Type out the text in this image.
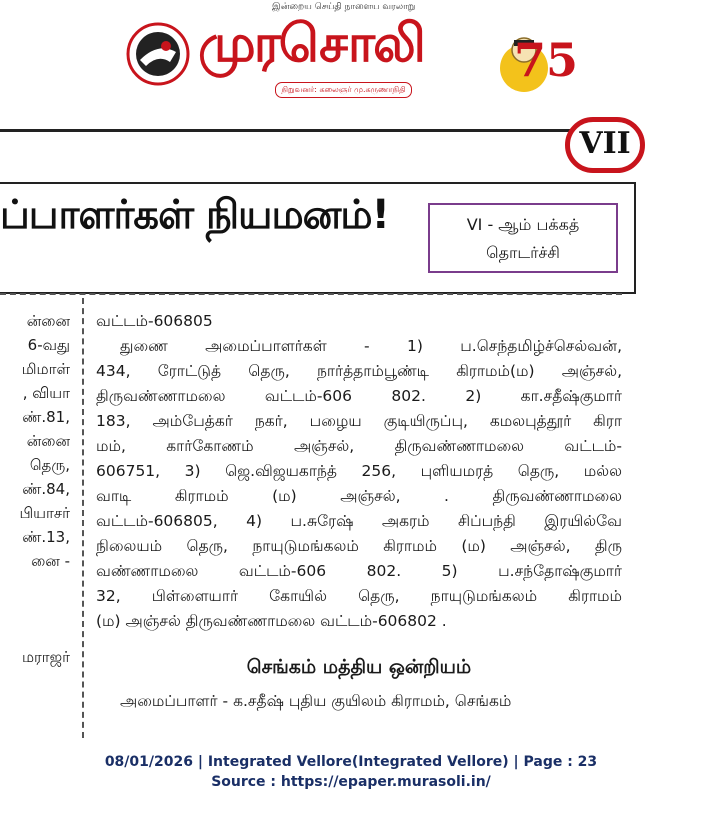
இன்றைய செய்தி நாளைய வரலாறு
முரசொலி
நிறுவனர்: கலைஞர் மு.கருணாநிதி
75
VII
ப்பாளர்கள் நியமனம்!	VI - ஆம் பக்கத்
தொடர்ச்சி
ன்னை
6-வது
மிமாள்
, வியா
ண்.81,
ன்னை
தெரு,
ண்.84,
பியாசர்
ண்.13,
னை -
மராஜர்
வட்டம்-606805
துணை அமைப்பாளர்கள் - 1) ப.செந்தமிழ்ச்செல்வன்,
434, ரோட்டுத் தெரு, நார்த்தாம்பூண்டி கிராமம்(ம) அஞ்சல்,
திருவண்ணாமலை வட்டம்-606 802. 2) கா.சதீஷ்குமார்
183, அம்பேத்கர் நகர், பழைய குடியிருப்பு, கமலபுத்தூர் கிரா
மம், கார்கோணம் அஞ்சல், திருவண்ணாமலை வட்டம்-
606751, 3) ஜெ.விஜயகாந்த் 256, புளியமரத் தெரு, மல்ல
வாடி கிராமம் (ம) அஞ்சல், . திருவண்ணாமலை
வட்டம்-606805, 4) ப.சுரேஷ் அகரம் சிப்பந்தி இரயில்வே
நிலையம் தெரு, நாயுடுமங்கலம் கிராமம் (ம) அஞ்சல், திரு
வண்ணாமலை வட்டம்-606 802. 5) ப.சந்தோஷ்குமார்
32, பிள்ளையார் கோயில் தெரு, நாயுடுமங்கலம் கிராமம்
(ம) அஞ்சல் திருவண்ணாமலை வட்டம்-606802 .
அமைப்பாளர் - க.சதீஷ் புதிய குயிலம் கிராமம், செங்கம்
செங்கம் மத்திய ஒன்றியம்
08/01/2026 | Integrated Vellore(Integrated Vellore) | Page : 23
Source : https://epaper.murasoli.in/
